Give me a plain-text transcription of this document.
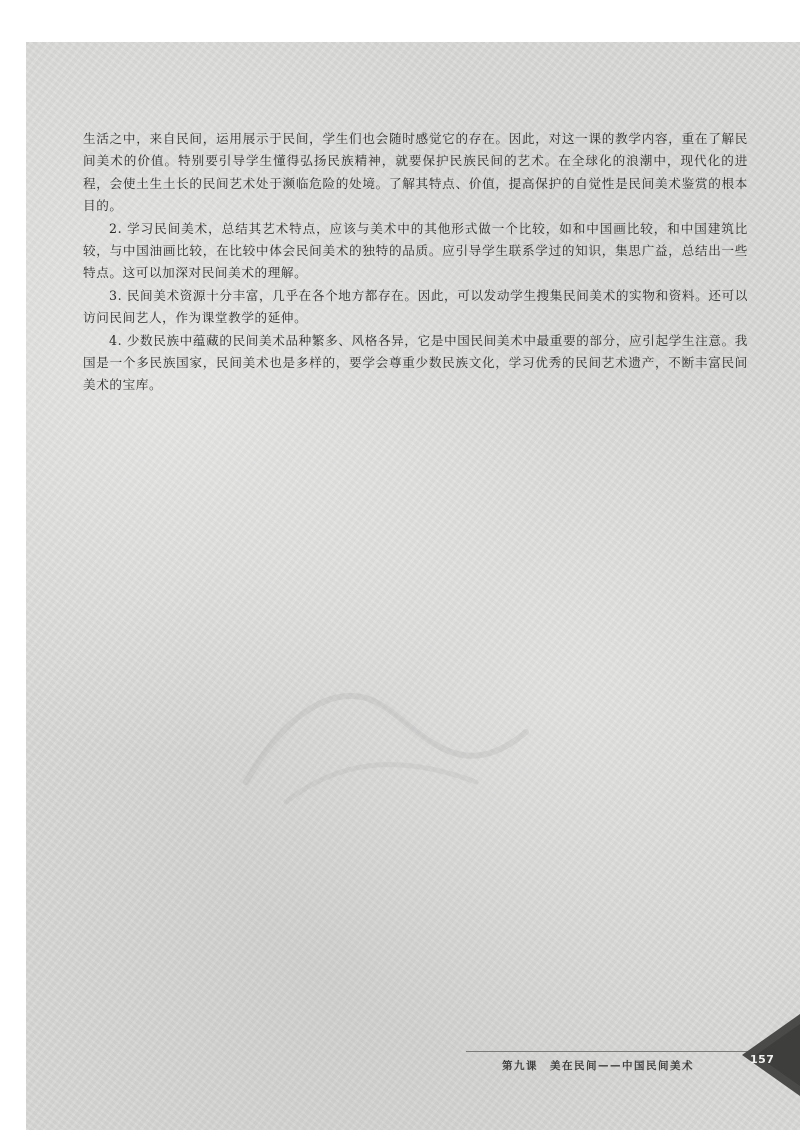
生活之中，来自民间，运用展示于民间，学生们也会随时感觉它的存在。因此，对这一课的教学内容，重在了解民间美术的价值。特别要引导学生懂得弘扬民族精神，就要保护民族民间的艺术。在全球化的浪潮中，现代化的进程，会使土生土长的民间艺术处于濒临危险的处境。了解其特点、价值，提高保护的自觉性是民间美术鉴赏的根本目的。

2. 学习民间美术，总结其艺术特点，应该与美术中的其他形式做一个比较，如和中国画比较，和中国建筑比较，与中国油画比较，在比较中体会民间美术的独特的品质。应引导学生联系学过的知识，集思广益，总结出一些特点。这可以加深对民间美术的理解。

3. 民间美术资源十分丰富，几乎在各个地方都存在。因此，可以发动学生搜集民间美术的实物和资料。还可以访问民间艺人，作为课堂教学的延伸。

4. 少数民族中蕴藏的民间美术品种繁多、风格各异，它是中国民间美术中最重要的部分，应引起学生注意。我国是一个多民族国家，民间美术也是多样的，要学会尊重少数民族文化，学习优秀的民间艺术遗产，不断丰富民间美术的宝库。

第九课　美在民间——中国民间美术	157
